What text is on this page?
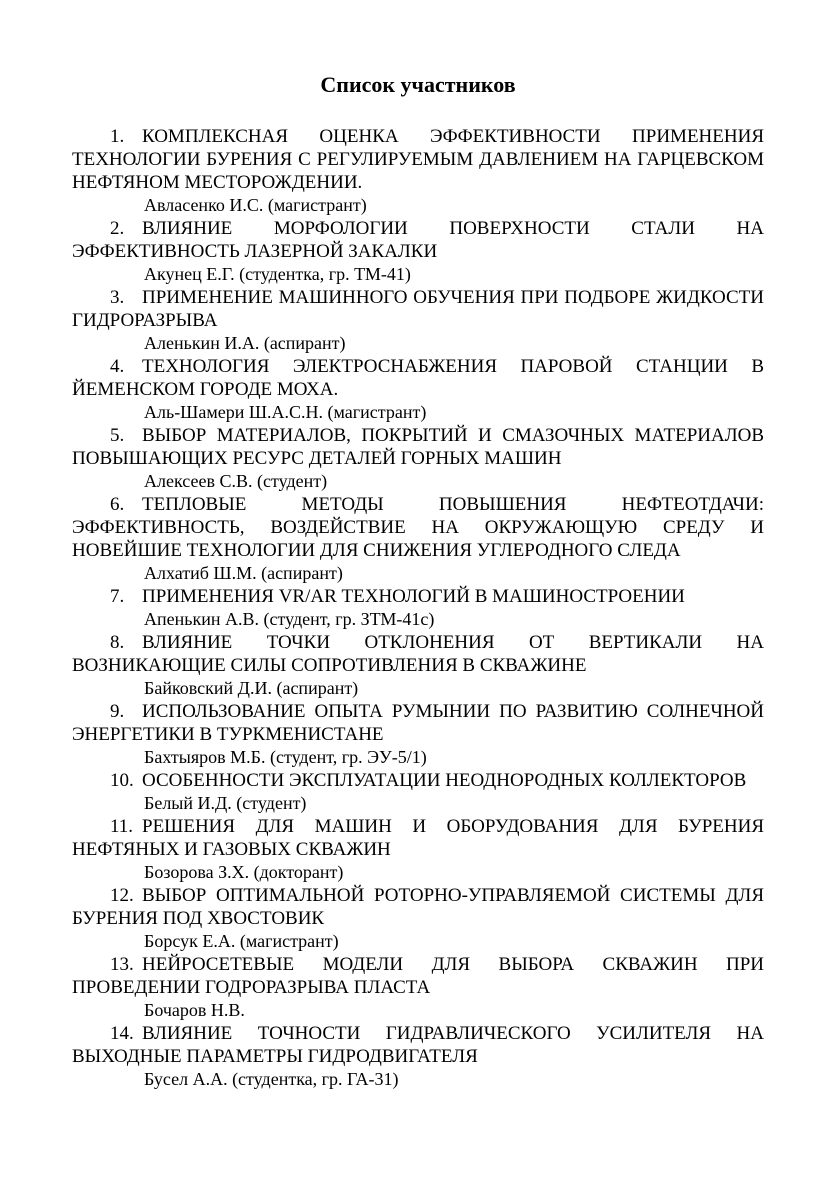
Список участников

1. КОМПЛЕКСНАЯ ОЦЕНКА ЭФФЕКТИВНОСТИ ПРИМЕНЕНИЯ ТЕХНОЛОГИИ БУРЕНИЯ С РЕГУЛИРУЕМЫМ ДАВЛЕНИЕМ НА ГАРЦЕВСКОМ НЕФТЯНОМ МЕСТОРОЖДЕНИИ.

Авласенко И.С. (магистрант)

2. ВЛИЯНИЕ МОРФОЛОГИИ ПОВЕРХНОСТИ СТАЛИ НА ЭФФЕКТИВНОСТЬ ЛАЗЕРНОЙ ЗАКАЛКИ

Акунец Е.Г. (студентка, гр. ТМ-41)

3. ПРИМЕНЕНИЕ МАШИННОГО ОБУЧЕНИЯ ПРИ ПОДБОРЕ ЖИДКОСТИ ГИДРОРАЗРЫВА

Аленькин И.А. (аспирант)

4. ТЕХНОЛОГИЯ ЭЛЕКТРОСНАБЖЕНИЯ ПАРОВОЙ СТАНЦИИ В ЙЕМЕНСКОМ ГОРОДЕ МОХА.

Аль-Шамери Ш.А.С.Н. (магистрант)

5. ВЫБОР МАТЕРИАЛОВ, ПОКРЫТИЙ И СМАЗОЧНЫХ МАТЕРИАЛОВ ПОВЫШАЮЩИХ РЕСУРС ДЕТАЛЕЙ ГОРНЫХ МАШИН

Алексеев С.В. (студент)

6. ТЕПЛОВЫЕ МЕТОДЫ ПОВЫШЕНИЯ НЕФТЕОТДАЧИ: ЭФФЕКТИВНОСТЬ, ВОЗДЕЙСТВИЕ НА ОКРУЖАЮЩУЮ СРЕДУ И НОВЕЙШИЕ ТЕХНОЛОГИИ ДЛЯ СНИЖЕНИЯ УГЛЕРОДНОГО СЛЕДА

Алхатиб Ш.М. (аспирант)

7. ПРИМЕНЕНИЯ VR/AR ТЕХНОЛОГИЙ В МАШИНОСТРОЕНИИ

Апенькин А.В. (студент, гр. ЗТМ-41с)

8. ВЛИЯНИЕ ТОЧКИ ОТКЛОНЕНИЯ ОТ ВЕРТИКАЛИ НА ВОЗНИКАЮЩИЕ СИЛЫ СОПРОТИВЛЕНИЯ В СКВАЖИНЕ

Байковский Д.И. (аспирант)

9. ИСПОЛЬЗОВАНИЕ ОПЫТА РУМЫНИИ ПО РАЗВИТИЮ СОЛНЕЧНОЙ ЭНЕРГЕТИКИ В ТУРКМЕНИСТАНЕ

Бахтыяров М.Б. (студент, гр. ЭУ-5/1)

10. ОСОБЕННОСТИ ЭКСПЛУАТАЦИИ НЕОДНОРОДНЫХ КОЛЛЕКТОРОВ

Белый И.Д. (студент)

11. РЕШЕНИЯ ДЛЯ МАШИН И ОБОРУДОВАНИЯ ДЛЯ БУРЕНИЯ НЕФТЯНЫХ И ГАЗОВЫХ СКВАЖИН

Бозорова З.Х. (докторант)

12. ВЫБОР ОПТИМАЛЬНОЙ РОТОРНО-УПРАВЛЯЕМОЙ СИСТЕМЫ ДЛЯ БУРЕНИЯ ПОД ХВОСТОВИК

Борсук Е.А. (магистрант)

13. НЕЙРОСЕТЕВЫЕ МОДЕЛИ ДЛЯ ВЫБОРА СКВАЖИН ПРИ ПРОВЕДЕНИИ ГОДРОРАЗРЫВА ПЛАСТА

Бочаров Н.В.

14. ВЛИЯНИЕ ТОЧНОСТИ ГИДРАВЛИЧЕСКОГО УСИЛИТЕЛЯ НА ВЫХОДНЫЕ ПАРАМЕТРЫ ГИДРОДВИГАТЕЛЯ

Бусел А.А. (студентка, гр. ГА-31)
